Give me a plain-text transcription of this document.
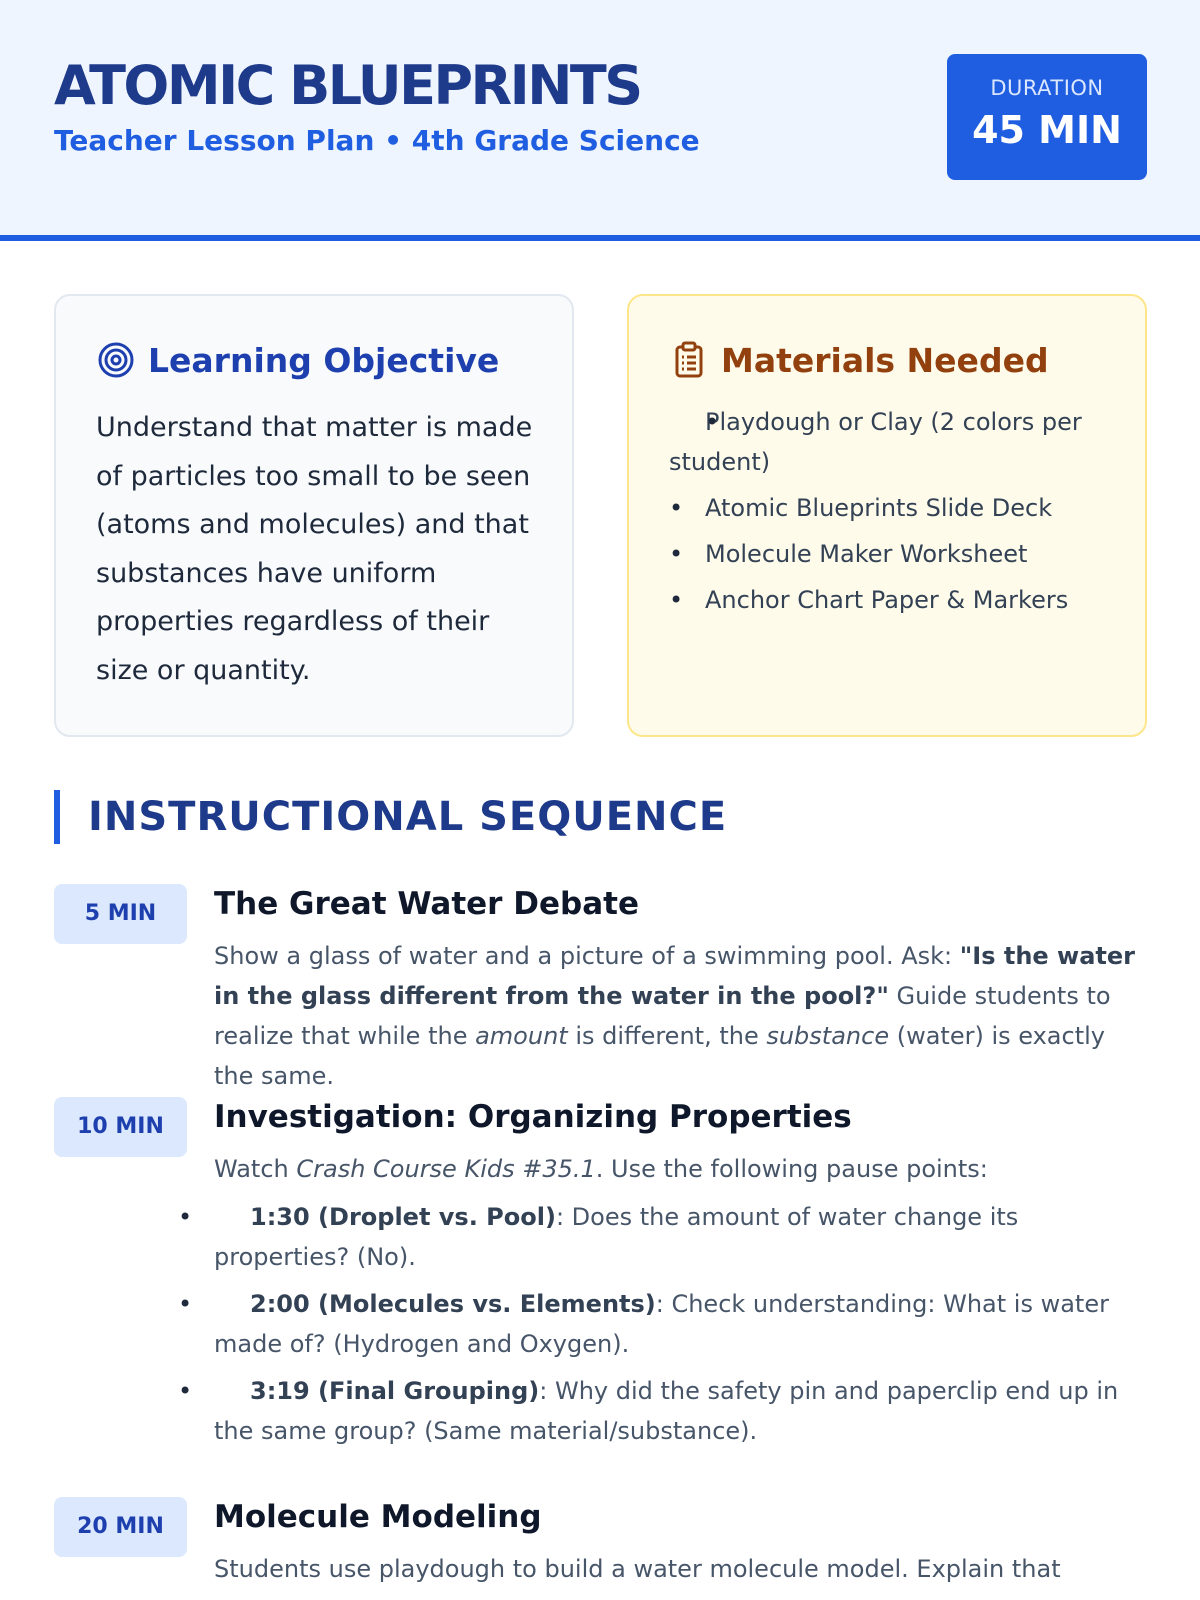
ATOMIC BLUEPRINTS
Teacher Lesson Plan • 4th Grade Science
DURATION
45 MIN
Learning Objective
Understand that matter is made of particles too small to be seen (atoms and molecules) and that substances have uniform properties regardless of their size or quantity.
Materials Needed
• Playdough or Clay (2 colors per student)
• Atomic Blueprints Slide Deck
• Molecule Maker Worksheet
• Anchor Chart Paper & Markers
INSTRUCTIONAL SEQUENCE
5 MIN	The Great Water Debate
Show a glass of water and a picture of a swimming pool. Ask: "Is the water in the glass different from the water in the pool?" Guide students to realize that while the amount is different, the substance (water) is exactly the same.
10 MIN	Investigation: Organizing Properties
Watch Crash Course Kids #35.1. Use the following pause points:
• 1:30 (Droplet vs. Pool): Does the amount of water change its properties? (No).
• 2:00 (Molecules vs. Elements): Check understanding: What is water made of? (Hydrogen and Oxygen).
• 3:19 (Final Grouping): Why did the safety pin and paperclip end up in the same group? (Same material/substance).
20 MIN	Molecule Modeling
Students use playdough to build a water molecule model. Explain that
